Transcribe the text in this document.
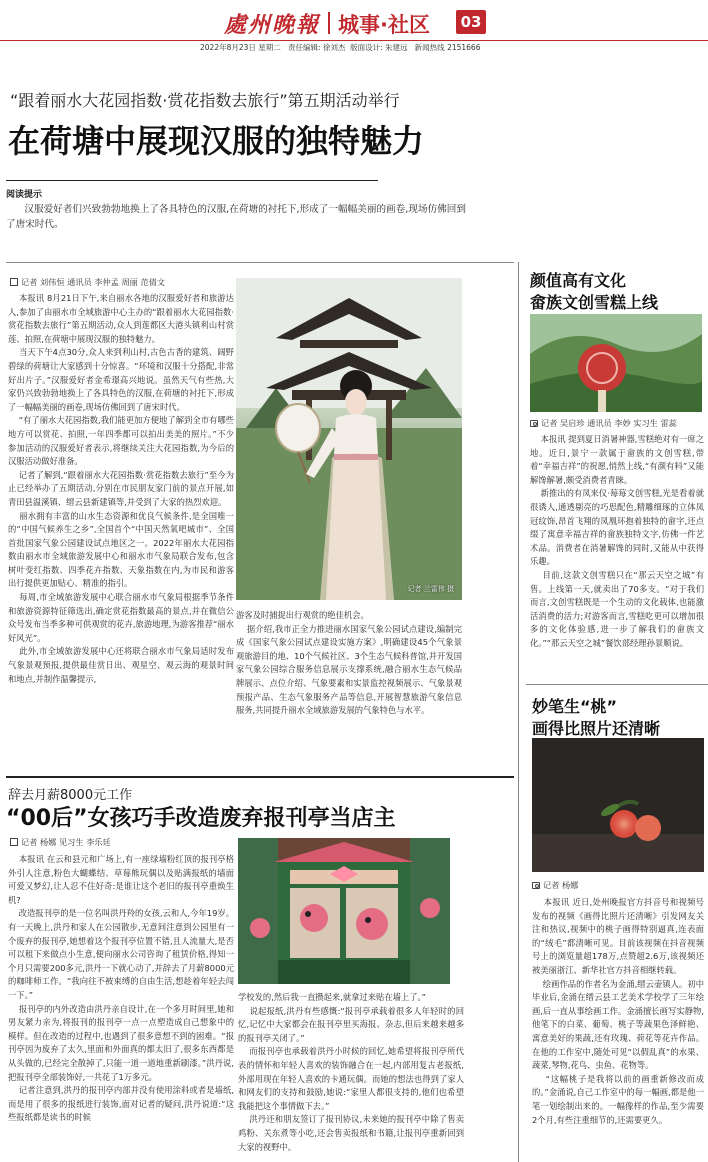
處州晚報 城事·社区	03
2022年8月23日 星期二   责任编辑: 徐刘杰  版面设计: 朱建远   新闻热线 2151666
“跟着丽水大花园指数·赏花指数去旅行”第五期活动举行
在荷塘中展现汉服的独特魅力
阅读提示
汉服爱好者们兴致勃勃地换上了各具特色的汉服,在荷塘的衬托下,形成了一幅幅美丽的画卷,现场仿佛回到了唐宋时代。
记者 刘伟恒 通讯员 李仲孟 周丽 范倩文
本报讯 8月21日下午,来自丽水各地的汉服爱好者和旅游达人,参加了由丽水市全域旅游中心主办的“跟着丽水大花园指数·赏花指数去旅行”第五期活动,众人到莲都区大港头镇利山村赏莲、拍照,在荷塘中展现汉服的独特魅力。
当天下午4点30分,众人来到利山村,古色古香的建筑、阔野碧绿的荷塘让大家感到十分惊喜。“环境和汉服十分搭配,非常好出片子。”汉服爱好者金希璟高兴地说。虽然天气有些热,大家仍兴致勃勃地换上了各具特色的汉服,在荷塘的衬托下,形成了一幅幅美丽的画卷,现场仿佛回到了唐宋时代。
“有了丽水大花园指数,我们能更加方便地了解到全市有哪些地方可以赏花、拍照,一年四季都可以拍出美美的照片。”不少参加活动的汉服爱好者表示,将继续关注大花园指数,为今后的汉服活动做好准备。
记者了解到,“跟着丽水大花园指数·赏花指数去旅行”至今为止已经举办了五期活动,分别在市民朋友家门前的景点开展,如青田县温溪镇、缙云县新建镇等,并受到了大家的热烈欢迎。
丽水拥有丰富的山水生态资源和优良气候条件,是全国唯一的“中国气候养生之乡”,全国首个“中国天然氧吧城市”、全国首批国家气象公园建设试点地区之一。2022年丽水大花园指数由丽水市全域旅游发展中心和丽水市气象局联合发布,包含树叶变红指数、四季花卉指数、天象指数在内,为市民和游客出行提供更加贴心、精准的指引。
每周,市全域旅游发展中心联合丽水市气象局根据季节条件和旅游资源特征筛选出,确定赏花指数最高的景点,并在微信公众号发布当季多种可供观赏的花卉,旅游地理,为游客推荐“丽水好风光”。
此外,市全域旅游发展中心还将联合丽水市气象局适时发布气象景观预报,提供最佳赏日出、观星空、观云海的观景时间和地点,并制作温馨提示,
记者 兰雷伟 摄
游客及时捕捉出行观赏的绝佳机会。
据介绍,我市正全力推进丽水国家气象公园试点建设,编制完成《国家气象公园试点建设实施方案》,明确建设45个气象景观旅游目的地、10个气候社区、3个生态气候科普馆,并开发国家气象公园综合服务信息展示支撑系统,融合丽水生态气候品牌展示、点位介绍、气象要素和实景监控视频展示、气象景观预报产品、生态气象服务产品等信息,开展智慧旅游气象信息服务,共同提升丽水全域旅游发展的气象特色与水平。
辞去月薪8000元工作
“00后”女孩巧手改造废弃报刊亭当店主
记者 杨娜 见习生 李乐廷
本报讯 在云和县元和广场上,有一座绿墙粉红顶的报刊亭格外引人注意,粉色大蝴蝶结、草莓熊玩偶以及贴满报纸的墙面可爱又梦幻,让人忍不住好奇:是谁让这个老旧的报刊亭重焕生机?
改造报刊亭的是一位名叫洪丹羚的女孩,云和人,今年19岁。有一天晚上,洪丹和家人在公园散步,无意间注意到公园里有一个废弃的报刊亭,她想着这个报刊亭位置不错,且人流量大,是否可以租下来做点小生意,便向丽水公司咨询了租赁价格,得知一个月只需要200多元,洪丹一下就心动了,并辞去了月薪8000元的咖啡师工作。“我向往不被束缚的自由生活,想趁着年轻去闯一下。”
报刊亭的内外改造由洪丹亲自设计,在一个多月时间里,她和男友紧力亲为,将报刊的报刊亭一点一点塑造成自己想象中的模样。但在改造的过程中,也遇到了很多意想不到的困难。“报刊亭因为废弃了太久,里面和外面真的都太旧了,很多东西都是从头做的,已经完全散掉了,只能一道一道地重新刷漆。”洪丹说,把报刊亭全部装饰好,一共花了1万多元。
记者注意到,洪丹的报刊亭内部并没有使用涂料或者是墙纸,而是用了很多的报纸进行装饰,面对记者的疑问,洪丹说道:“这些报纸都是读书的时候
学校发的,然后我一直攒起来,就拿过来贴在墙上了。”
说起报纸,洪丹有些感慨:“报刊亭承载着很多人年轻时的回忆,记忆中大家都会在报刊亭里买海报、杂志,但后来越来越多的报刊亭关闭了。”
而报刊亭也承载着洪丹小时候的回忆,她希望将报刊亭所代表的情怀和年轻人喜欢的装饰融合在一起,内部用复古老报纸,外部用现在年轻人喜欢的卡通玩偶。而她的想法也得到了家人和网友们的支持和鼓励,她说:“家里人都很支持的,他们也希望我能把这个事情做下去。”
洪丹还和朋友签订了报刊协议,未来她的报刊亭中除了售卖鸡粉、关东煮等小吃,还会售卖报纸和书籍,让报刊亭重新回到大家的视野中。
颜值高有文化
畲族文创雪糕上线
记者 吴启珍 通讯员 李妙 实习生 雷蕊
本报讯 提到夏日消暑神器,雪糕绝对有一席之地。近日,景宁一款属于畲族的文创雪糕,带着“幸福吉祥”的祝愿,悄然上线,“有颜有料”又能解馋解暑,颇受消费者青睐。
新推出的有凤来仪·莓莓文创雪糕,光是看着就很诱人,通透剔亮的巧思配色,精雕细琢的立体凤冠纹饰,昂首飞翔的凤凰环抱着独特的畲字,还点缀了寓意幸福吉祥的畲族独特文字,仿佛一件艺术品。消费者在消暑解馋的同时,又能从中获得乐趣。
目前,这款文创雪糕只在“那云天空之城”有售。上线第一天,就卖出了70多支。“对于我们而言,文创雪糕既是一个生动的文化载体,也能激活消费的活力;对游客而言,雪糕吃更可以增加很多的文化体验感,进一步了解我们的畲族文化。”“那云天空之城”餐饮部经理孙景顺说。
妙笔生“桃”
画得比照片还清晰
记者 杨娜
本报讯 近日,处州晚报官方抖音号和视频号发布的视频《画得比照片还清晰》引发网友关注和热议,视频中的桃子画得特别逼真,连表面的“绒毛”都清晰可见。目前该视频在抖音视频号上的浏览量超178万,点赞超2.6万,该视频还被美丽浙江、新华社官方抖音相继转载。
绘画作品的作者名为金涌,缙云壶镇人。初中毕业后,金涌在缙云县工艺美术学校学了三年绘画,后一直从事绘画工作。金涌擅长画写实静物,他笔下的白菜、葡萄、桃子等蔬果色泽鲜艳、寓意美好的果蔬,还有玫瑰、荷花等花卉作品。在他的工作室中,随处可见“以假乱真”的水果、蔬菜,琴物,花鸟、虫鱼、花物等。
“这幅桃子是我将以前的画重新修改而成的。”金涌说,自己工作室中的每一幅画,都是他一笔一划绘制出来的。一幅像样的作品,至少需要2个月,有些注重细节的,还需要更久。
